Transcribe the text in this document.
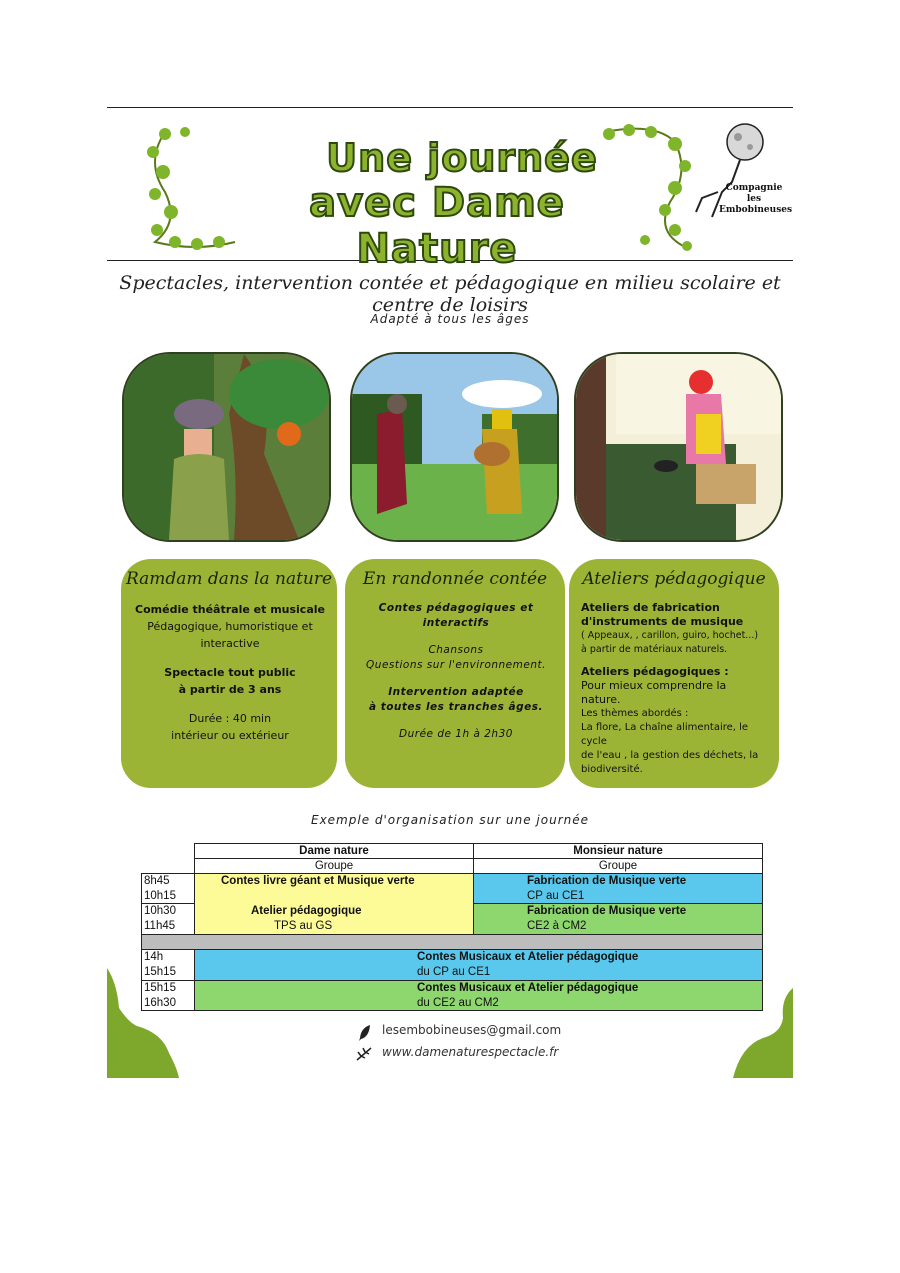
Une journée
avec Dame Nature
Compagnie
les
Embobineuses
Spectacles, intervention contée et pédagogique en milieu scolaire et centre de loisirs
Adapté à tous les âges
Ramdam dans la nature
Comédie théâtrale et musicale
Pédagogique, humoristique et
interactive
Spectacle tout public
à partir de 3 ans
Durée : 40 min
intérieur ou extérieur
En randonnée contée
Contes pédagogiques et
interactifs
Chansons
Questions sur l'environnement.
Intervention adaptée
à toutes les tranches âges.
Durée de 1h à 2h30
Ateliers pédagogique
Ateliers de fabrication
d'instruments de musique
( Appeaux, , carillon, guiro, hochet...)
à partir de matériaux naturels.
Ateliers pédagogiques :
Pour mieux comprendre la nature.
Les thèmes abordés :
La flore, La chaîne alimentaire, le cycle
de l'eau , la gestion des déchets, la
biodiversité.
Exemple d'organisation sur une journée
Dame nature	Monsieur nature
Groupe	Groupe
Contes livre géant et Musique verte
Atelier pédagogique
TPS au GS
Fabrication de Musique verte
CP au CE1
Fabrication de Musique verte
CE2 à CM2
8h45
10h15
10h30
11h45
Contes Musicaux et Atelier pédagogique
du CP au CE1
14h
15h15
Contes Musicaux et Atelier pédagogique
du CE2 au CM2
15h15
16h30
lesembobineuses@gmail.com
www.damenaturespectacle.fr
